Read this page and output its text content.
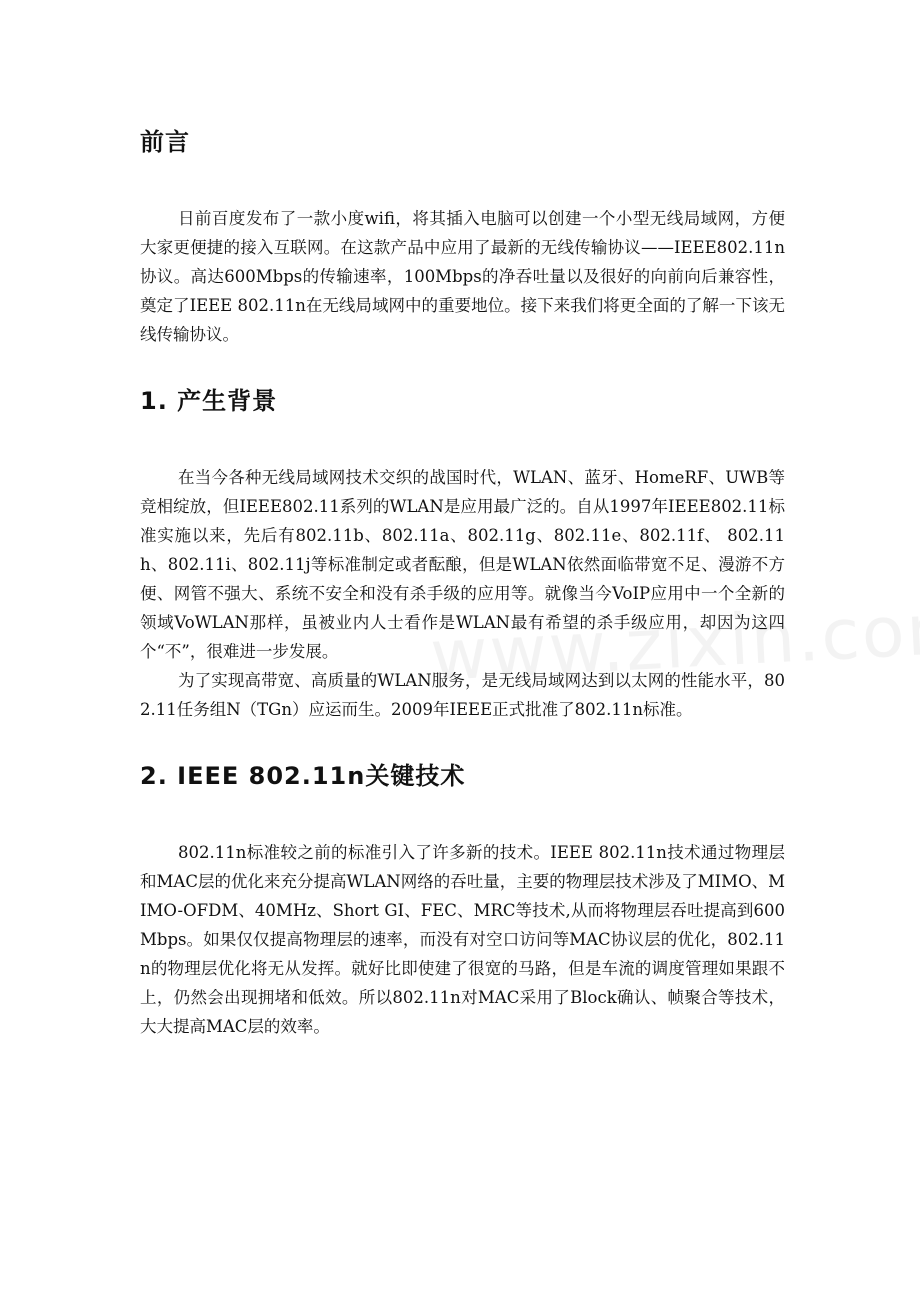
前言

日前百度发布了一款小度wifi，将其插入电脑可以创建一个小型无线局域网，方便大家更便捷的接入互联网。在这款产品中应用了最新的无线传输协议——IEEE802.11n协议。高达600Mbps的传输速率，100Mbps的净吞吐量以及很好的向前向后兼容性，奠定了IEEE 802.11n在无线局域网中的重要地位。接下来我们将更全面的了解一下该无线传输协议。

1. 产生背景

在当今各种无线局域网技术交织的战国时代，WLAN、蓝牙、HomeRF、UWB等竞相绽放，但IEEE802.11系列的WLAN是应用最广泛的。自从1997年IEEE802.11标准实施以来，先后有802.11b、802.11a、802.11g、802.11e、802.11f、 802.11h、802.11i、802.11j等标准制定或者酝酿，但是WLAN依然面临带宽不足、漫游不方便、网管不强大、系统不安全和没有杀手级的应用等。就像当今VoIP应用中一个全新的领域VoWLAN那样，虽被业内人士看作是WLAN最有希望的杀手级应用，却因为这四个“不”，很难进一步发展。

为了实现高带宽、高质量的WLAN服务，是无线局域网达到以太网的性能水平，802.11任务组N（TGn）应运而生。2009年IEEE正式批准了802.11n标准。

2. IEEE 802.11n关键技术

802.11n标准较之前的标准引入了许多新的技术。IEEE 802.11n技术通过物理层和MAC层的优化来充分提高WLAN网络的吞吐量，主要的物理层技术涉及了MIMO、MIMO-OFDM、40MHz、Short GI、FEC、MRC等技术,从而将物理层吞吐提高到600Mbps。如果仅仅提高物理层的速率，而没有对空口访问等MAC协议层的优化，802.11n的物理层优化将无从发挥。就好比即使建了很宽的马路，但是车流的调度管理如果跟不上，仍然会出现拥堵和低效。所以802.11n对MAC采用了Block确认、帧聚合等技术，大大提高MAC层的效率。
